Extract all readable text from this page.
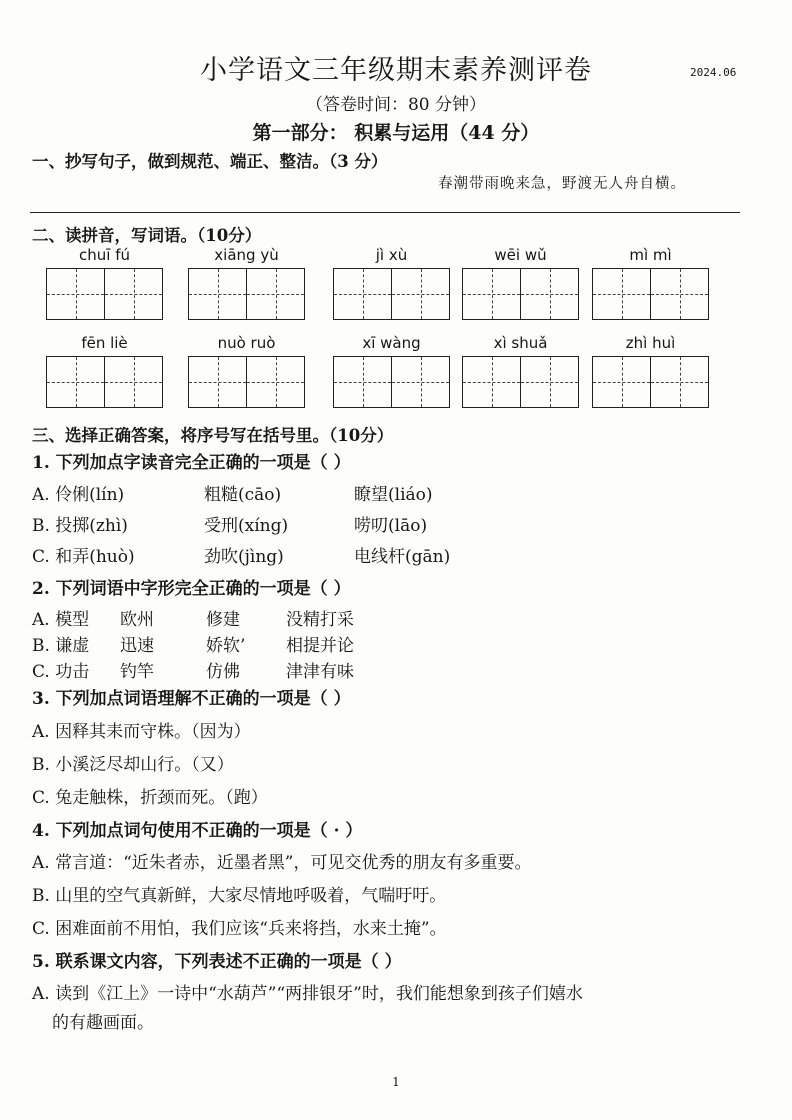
小学语文三年级期末素养测评卷	2024.06
（答卷时间：80 分钟）
第一部分： 积累与运用（44 分）
一、抄写句子，做到规范、端正、整洁。（3 分）
春潮带雨晚来急，野渡无人舟自横。
二、读拼音，写词语。（10分）
chuī fú	xiāng yù	jì xù	wēi wǔ	mì mì
fēn liè	nuò ruò	xī wàng	xì shuǎ	zhì huì
三、选择正确答案，将序号写在括号里。（10分）
1. 下列加点字读音完全正确的一项是（ ）
A. 伶俐(lín)	粗糙(cāo)	瞭望(liáo)
B. 投掷(zhì)	受刑(xíng)	唠叨(lāo)
C. 和弄(huò)	劲吹(jìng)	电线杆(gān)
2. 下列词语中字形完全正确的一项是（ ）
A. 模型 欧州	修建	没精打采
B. 谦虚 迅速	娇软’ 相提并论
C. 功击 钓竿	仿佛	津津有味
3. 下列加点词语理解不正确的一项是（ ）
A. 因释其耒而守株。（因为）
B. 小溪泛尽却山行。（又）
C. 兔走触株，折颈而死。（跑）
4. 下列加点词句使用不正确的一项是（ · ）
A. 常言道：“近朱者赤，近墨者黑”，可见交优秀的朋友有多重要。
B. 山里的空气真新鲜，大家尽情地呼吸着，气喘吁吁。
C. 困难面前不用怕，我们应该“兵来将挡，水来土掩”。
5. 联系课文内容，下列表述不正确的一项是（ ）
A. 读到《江上》一诗中“水葫芦”“两排银牙”时，我们能想象到孩子们嬉水
的有趣画面。
1
